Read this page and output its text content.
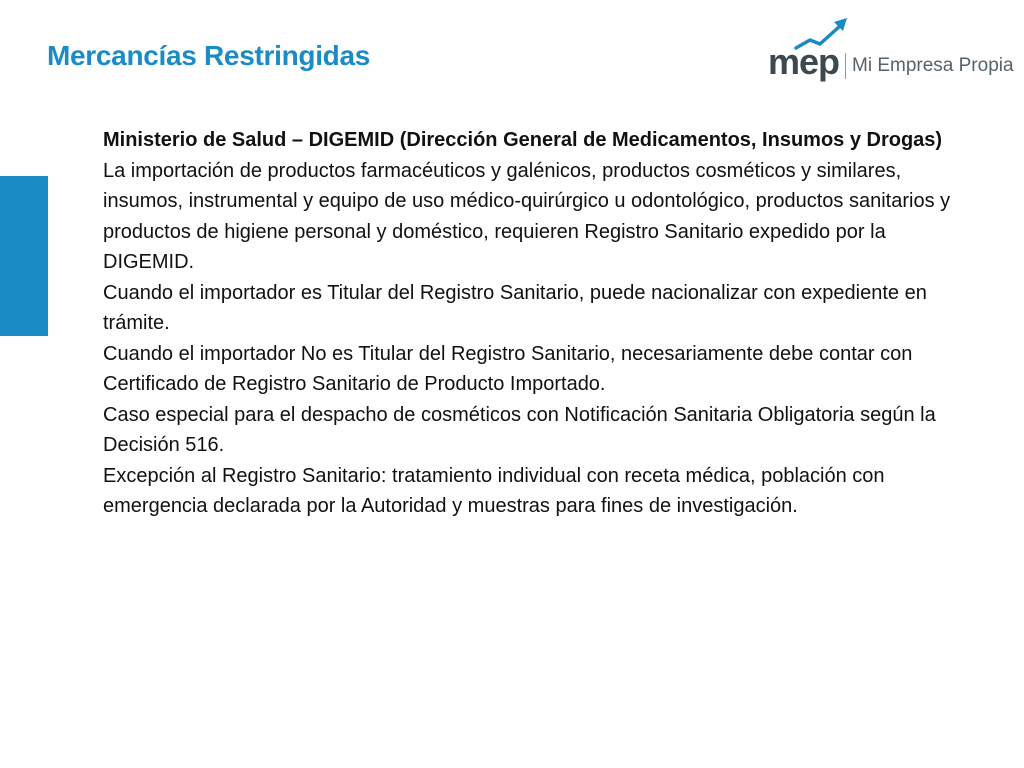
Mercancías Restringidas	mep Mi Empresa Propia

Ministerio de Salud – DIGEMID (Dirección General de Medicamentos, Insumos y Drogas)

La importación de productos farmacéuticos y galénicos, productos cosméticos y similares, insumos, instrumental y equipo de uso médico-quirúrgico u odontológico, productos sanitarios y productos de higiene personal y doméstico, requieren Registro Sanitario expedido por la DIGEMID.

Cuando el importador es Titular del Registro Sanitario, puede nacionalizar con expediente en trámite.

Cuando el importador No es Titular del Registro Sanitario, necesariamente debe contar con Certificado de Registro Sanitario de Producto Importado.

Caso especial para el despacho de cosméticos con Notificación Sanitaria Obligatoria según la Decisión 516.

Excepción al Registro Sanitario: tratamiento individual con receta médica, población con emergencia declarada por la Autoridad y muestras para fines de investigación.
